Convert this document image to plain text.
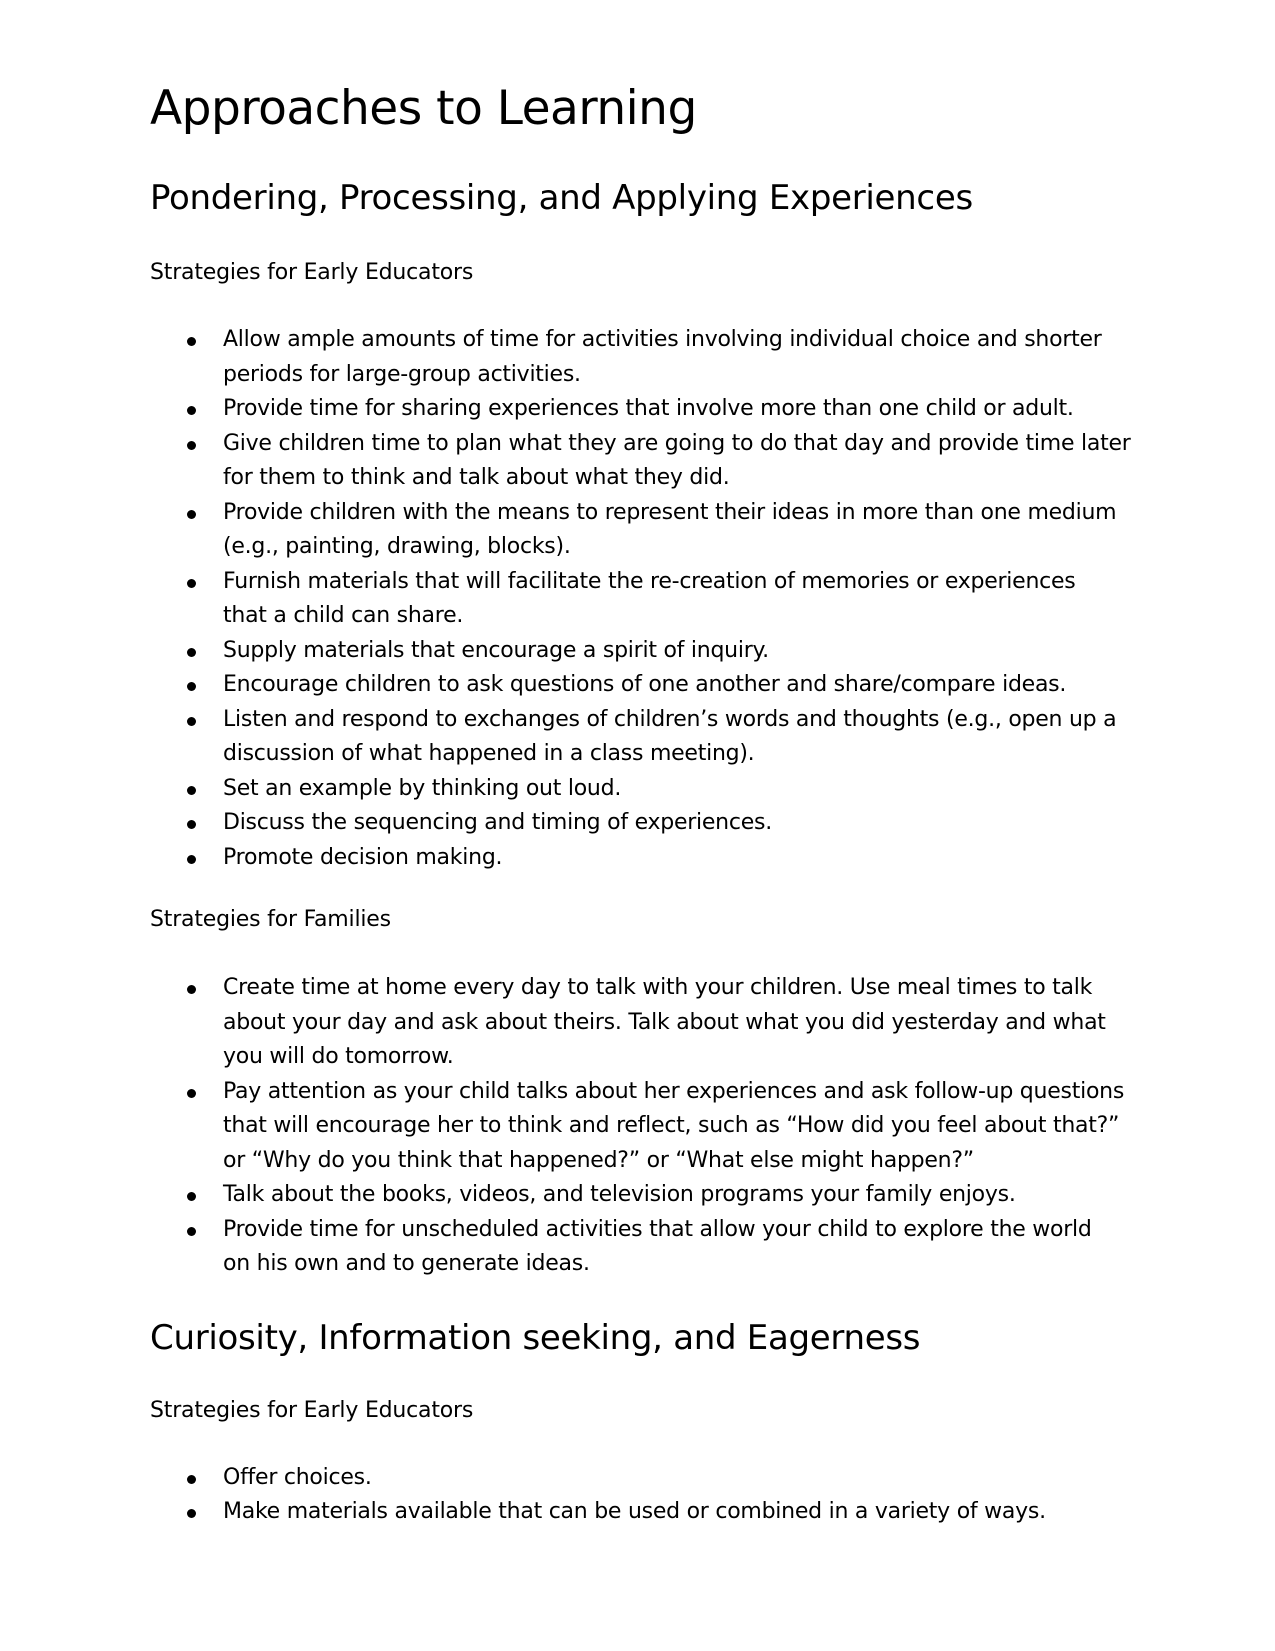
Approaches to Learning
Pondering, Processing, and Applying Experiences

Strategies for Early Educators

Allow ample amounts of time for activities involving individual choice and shorter
periods for large-group activities.
Provide time for sharing experiences that involve more than one child or adult.
Give children time to plan what they are going to do that day and provide time later
for them to think and talk about what they did.
Provide children with the means to represent their ideas in more than one medium
(e.g., painting, drawing, blocks).
Furnish materials that will facilitate the re-creation of memories or experiences
that a child can share.
Supply materials that encourage a spirit of inquiry.
Encourage children to ask questions of one another and share/compare ideas.
Listen and respond to exchanges of children’s words and thoughts (e.g., open up a
discussion of what happened in a class meeting).
Set an example by thinking out loud.
Discuss the sequencing and timing of experiences.
Promote decision making.

Strategies for Families

Create time at home every day to talk with your children. Use meal times to talk
about your day and ask about theirs. Talk about what you did yesterday and what
you will do tomorrow.
Pay attention as your child talks about her experiences and ask follow-up questions
that will encourage her to think and reflect, such as “How did you feel about that?”
or “Why do you think that happened?” or “What else might happen?”
Talk about the books, videos, and television programs your family enjoys.
Provide time for unscheduled activities that allow your child to explore the world
on his own and to generate ideas.
Curiosity, Information seeking, and Eagerness

Strategies for Early Educators

Offer choices.
Make materials available that can be used or combined in a variety of ways.
